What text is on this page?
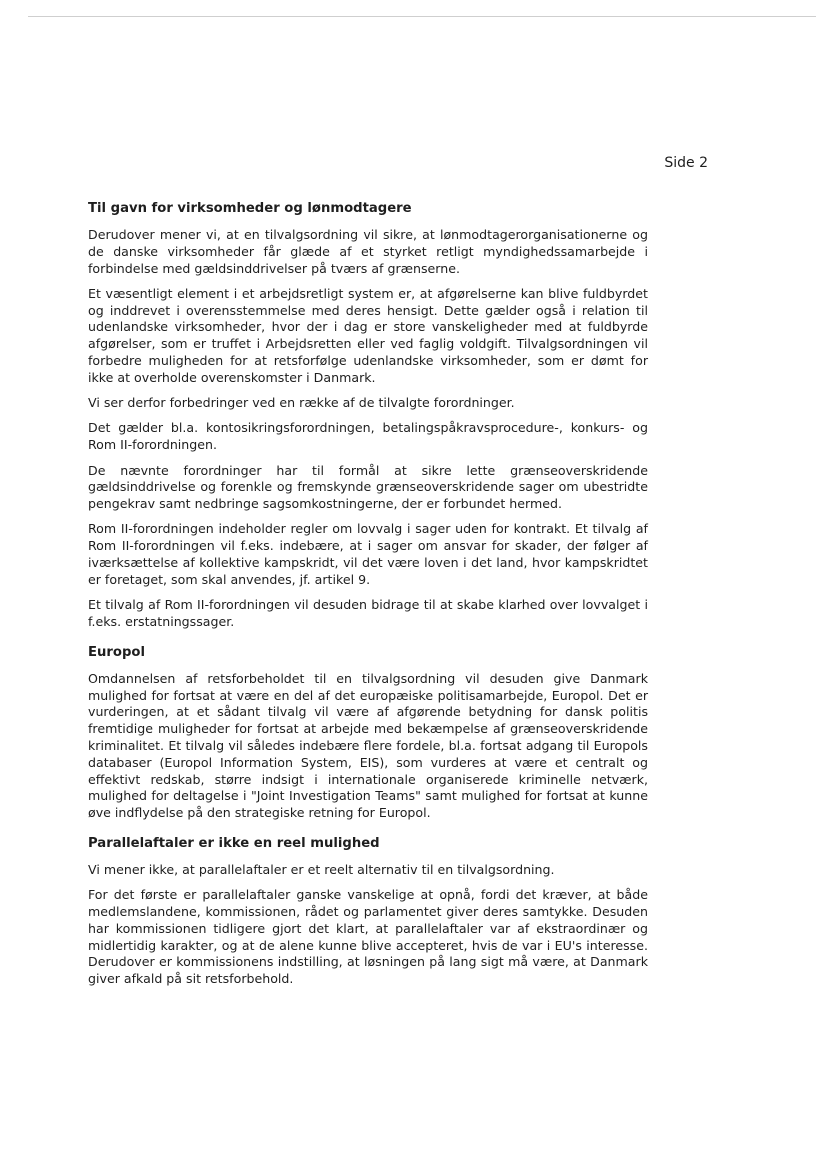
Side 2
Til gavn for virksomheder og lønmodtagere

Derudover mener vi, at en tilvalgsordning vil sikre, at lønmodtagerorganisationerne og de danske virksomheder får glæde af et styrket retligt myndighedssamarbejde i forbindelse med gældsinddrivelser på tværs af grænserne.

Et væsentligt element i et arbejdsretligt system er, at afgørelserne kan blive fuldbyrdet og inddrevet i overensstemmelse med deres hensigt. Dette gælder også i relation til udenlandske virksomheder, hvor der i dag er store vanskeligheder med at fuldbyrde afgørelser, som er truffet i Arbejdsretten eller ved faglig voldgift. Tilvalgsordningen vil forbedre muligheden for at retsforfølge udenlandske virksomheder, som er dømt for ikke at overholde overenskomster i Danmark.

Vi ser derfor forbedringer ved en række af de tilvalgte forordninger.

Det gælder bl.a. kontosikringsforordningen, betalingspåkravsprocedure-, konkurs- og Rom II-forordningen.

De nævnte forordninger har til formål at sikre lette grænseoverskridende gældsinddrivelse og forenkle og fremskynde grænseoverskridende sager om ubestridte pengekrav samt nedbringe sagsomkostningerne, der er forbundet hermed.

Rom II-forordningen indeholder regler om lovvalg i sager uden for kontrakt. Et tilvalg af Rom II-forordningen vil f.eks. indebære, at i sager om ansvar for skader, der følger af iværksættelse af kollektive kampskridt, vil det være loven i det land, hvor kampskridtet er foretaget, som skal anvendes, jf. artikel 9.

Et tilvalg af Rom II-forordningen vil desuden bidrage til at skabe klarhed over lovvalget i f.eks. erstatningssager.

Europol

Omdannelsen af retsforbeholdet til en tilvalgsordning vil desuden give Danmark mulighed for fortsat at være en del af det europæiske politisamarbejde, Europol. Det er vurderingen, at et sådant tilvalg vil være af afgørende betydning for dansk politis fremtidige muligheder for fortsat at arbejde med bekæmpelse af grænseoverskridende kriminalitet. Et tilvalg vil således indebære flere fordele, bl.a. fortsat adgang til Europols databaser (Europol Information System, EIS), som vurderes at være et centralt og effektivt redskab, større indsigt i internationale organiserede kriminelle netværk, mulighed for deltagelse i "Joint Investigation Teams" samt mulighed for fortsat at kunne øve indflydelse på den strategiske retning for Europol.

Parallelaftaler er ikke en reel mulighed

Vi mener ikke, at parallelaftaler er et reelt alternativ til en tilvalgsordning.

For det første er parallelaftaler ganske vanskelige at opnå, fordi det kræver, at både medlemslandene, kommissionen, rådet og parlamentet giver deres samtykke. Desuden har kommissionen tidligere gjort det klart, at parallelaftaler var af ekstraordinær og midlertidig karakter, og at de alene kunne blive accepteret, hvis de var i EU's interesse. Derudover er kommissionens indstilling, at løsningen på lang sigt må være, at Danmark giver afkald på sit retsforbehold.
